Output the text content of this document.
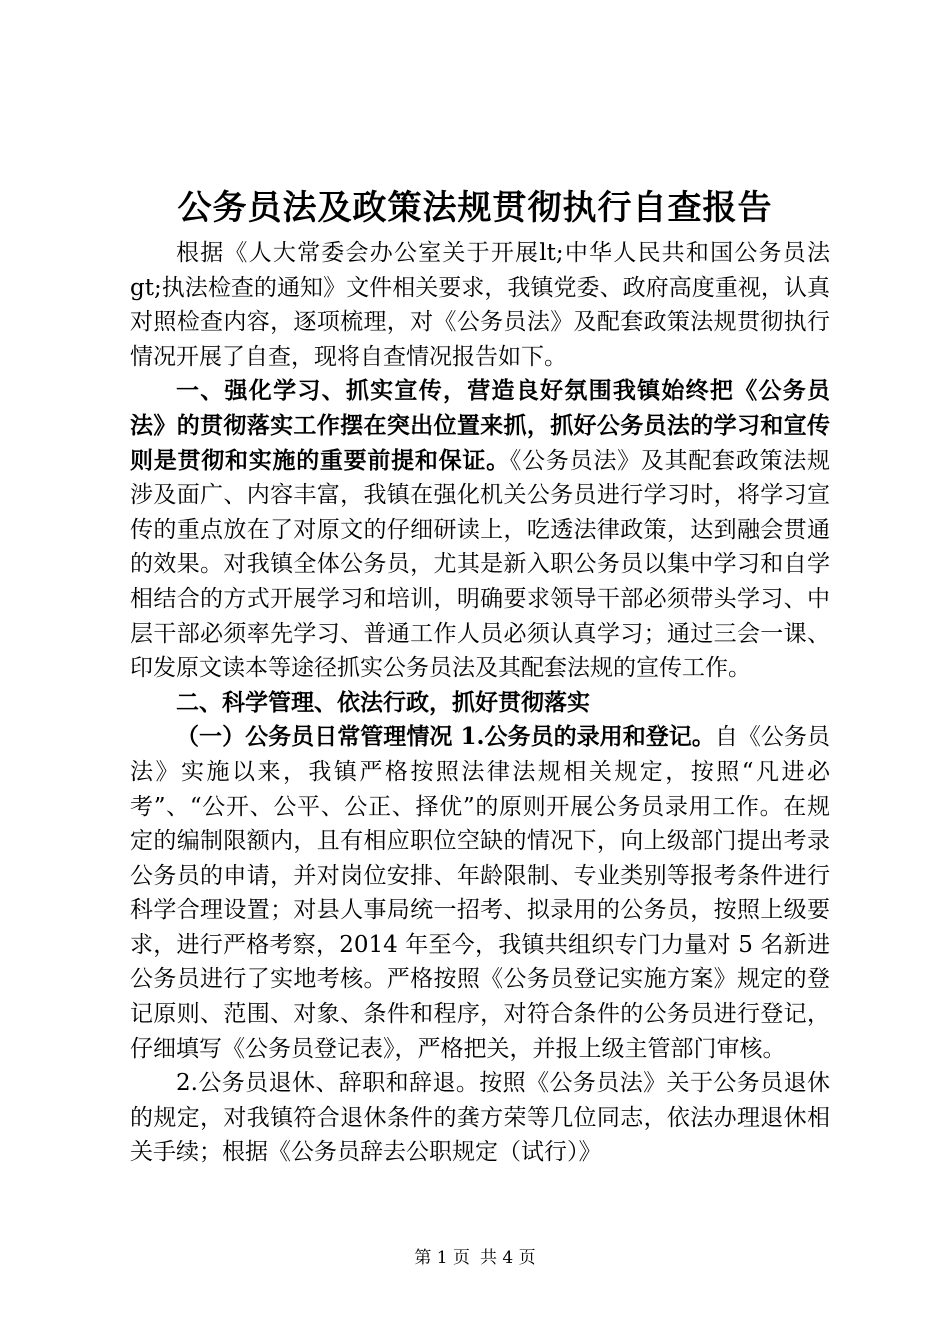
公务员法及政策法规贯彻执行自查报告

根据《人大常委会办公室关于开展lt;中华人民共和国公务员法gt;执法检查的通知》文件相关要求，我镇党委、政府高度重视，认真对照检查内容，逐项梳理，对《公务员法》及配套政策法规贯彻执行情况开展了自查，现将自查情况报告如下。

一、强化学习、抓实宣传，营造良好氛围我镇始终把《公务员法》的贯彻落实工作摆在突出位置来抓，抓好公务员法的学习和宣传则是贯彻和实施的重要前提和保证。《公务员法》及其配套政策法规涉及面广、内容丰富，我镇在强化机关公务员进行学习时，将学习宣传的重点放在了对原文的仔细研读上，吃透法律政策，达到融会贯通的效果。对我镇全体公务员，尤其是新入职公务员以集中学习和自学相结合的方式开展学习和培训，明确要求领导干部必须带头学习、中层干部必须率先学习、普通工作人员必须认真学习；通过三会一课、印发原文读本等途径抓实公务员法及其配套法规的宣传工作。

二、科学管理、依法行政，抓好贯彻落实

（一）公务员日常管理情况 1.公务员的录用和登记。自《公务员法》实施以来，我镇严格按照法律法规相关规定，按照“凡进必考”、“公开、公平、公正、择优”的原则开展公务员录用工作。在规定的编制限额内，且有相应职位空缺的情况下，向上级部门提出考录公务员的申请，并对岗位安排、年龄限制、专业类别等报考条件进行科学合理设置；对县人事局统一招考、拟录用的公务员，按照上级要求，进行严格考察，2014 年至今，我镇共组织专门力量对 5 名新进公务员进行了实地考核。严格按照《公务员登记实施方案》规定的登记原则、范围、对象、条件和程序，对符合条件的公务员进行登记，仔细填写《公务员登记表》，严格把关，并报上级主管部门审核。

2.公务员退休、辞职和辞退。按照《公务员法》关于公务员退休的规定，对我镇符合退休条件的龚方荣等几位同志，依法办理退休相关手续；根据《公务员辞去公职规定（试行）》

第 1 页 共 4 页
